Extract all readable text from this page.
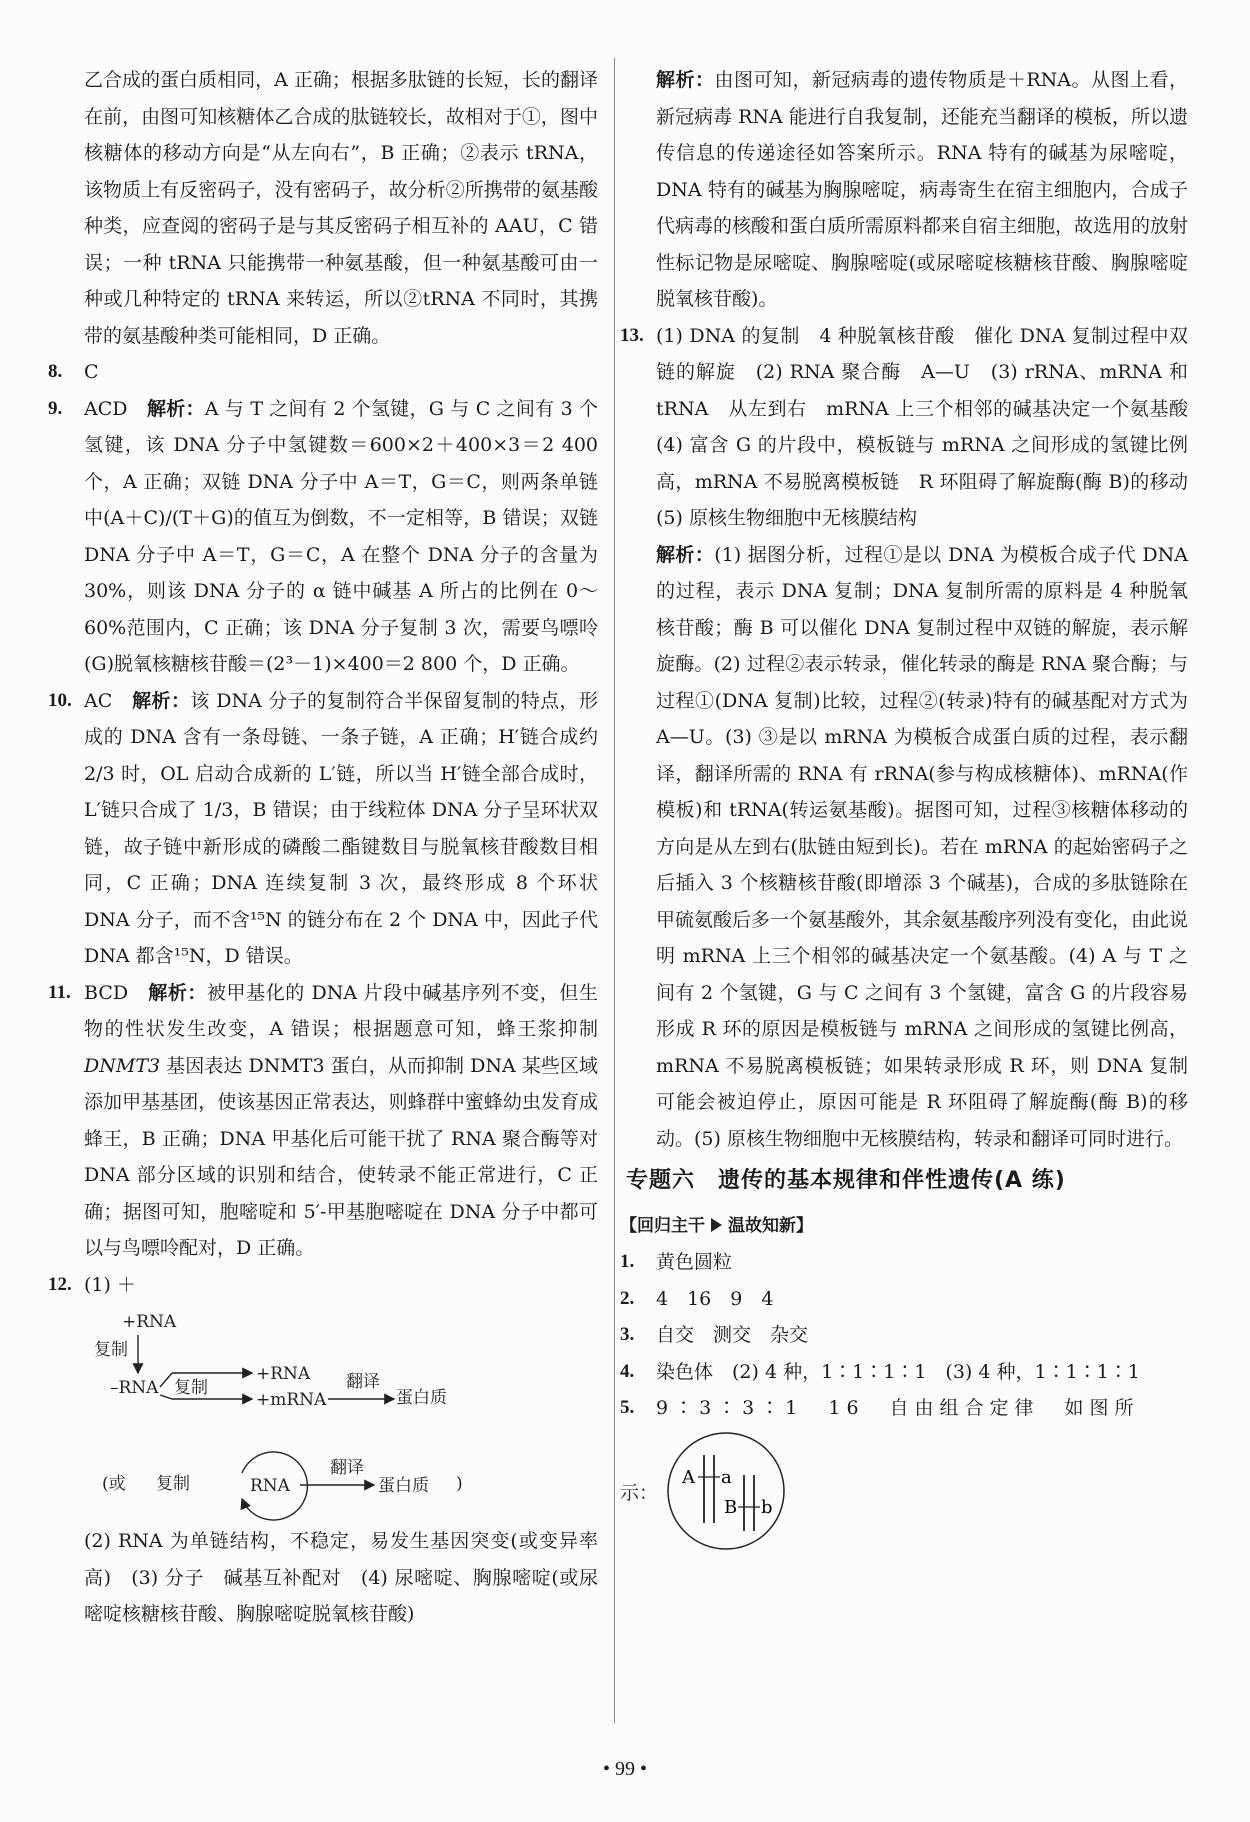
乙合成的蛋白质相同，A 正确；根据多肽链的长短，长的翻译在前，由图可知核糖体乙合成的肽链较长，故相对于①，图中核糖体的移动方向是“从左向右”，B 正确；②表示 tRNA，该物质上有反密码子，没有密码子，故分析②所携带的氨基酸种类，应查阅的密码子是与其反密码子相互补的 AAU，C 错误；一种 tRNA 只能携带一种氨基酸，但一种氨基酸可由一种或几种特定的 tRNA 来转运，所以②tRNA 不同时，其携带的氨基酸种类可能相同，D 正确。

8. C
9. ACD　 解析：A 与 T 之间有 2 个氢键，G 与 C 之间有 3 个氢键，该 DNA 分子中氢键数＝600×2＋400×3＝2 400 个，A 正确；双链 DNA 分子中 A＝T，G＝C，则两条单链中(A＋C)/(T＋G)的值互为倒数，不一定相等，B 错误；双链 DNA 分子中 A＝T，G＝C，A 在整个 DNA 分子的含量为 30%，则该 DNA 分子的 α 链中碱基 A 所占的比例在 0～60%范围内，C 正确；该 DNA 分子复制 3 次，需要鸟嘌呤(G)脱氧核糖核苷酸＝(2³－1)×400＝2 800 个，D 正确。

10. AC　 解析：该 DNA 分子的复制符合半保留复制的特点，形成的 DNA 含有一条母链、一条子链，A 正确；H′链合成约 2/3 时，OL 启动合成新的 L′链，所以当 H′链全部合成时，L′链只合成了 1/3，B 错误；由于线粒体 DNA 分子呈环状双链，故子链中新形成的磷酸二酯键数目与脱氧核苷酸数目相同，C 正确；DNA 连续复制 3 次，最终形成 8 个环状 DNA 分子，而不含¹⁵N 的链分布在 2 个 DNA 中，因此子代 DNA 都含¹⁵N，D 错误。

11. BCD　 解析：被甲基化的 DNA 片段中碱基序列不变，但生物的性状发生改变，A 错误；根据题意可知，蜂王浆抑制 DNMT3 基因表达 DNMT3 蛋白，从而抑制 DNA 某些区域添加甲基基团，使该基因正常表达，则蜂群中蜜蜂幼虫发育成蜂王，B 正确；DNA 甲基化后可能干扰了 RNA 聚合酶等对 DNA 部分区域的识别和结合，使转录不能正常进行，C 正确；据图可知，胞嘧啶和 5′-甲基胞嘧啶在 DNA 分子中都可以与鸟嘌呤配对，D 正确。

12. (1) ＋

+RNA
复制
–RNA 复制
+RNA
+mRNA
翻译
蛋白质
(或 复制	RNA
翻译
蛋白质 )

(2) RNA 为单链结构，不稳定，易发生基因突变(或变异率高)　(3) 分子　碱基互补配对　(4) 尿嘧啶、胸腺嘧啶(或尿嘧啶核糖核苷酸、胸腺嘧啶脱氧核苷酸)

解析：由图可知，新冠病毒的遗传物质是＋RNA。从图上看，新冠病毒 RNA 能进行自我复制，还能充当翻译的模板，所以遗传信息的传递途径如答案所示。RNA 特有的碱基为尿嘧啶，DNA 特有的碱基为胸腺嘧啶，病毒寄生在宿主细胞内，合成子代病毒的核酸和蛋白质所需原料都来自宿主细胞，故选用的放射性标记物是尿嘧啶、胸腺嘧啶(或尿嘧啶核糖核苷酸、胸腺嘧啶脱氧核苷酸)。

13. (1) DNA 的复制　4 种脱氧核苷酸　催化 DNA 复制过程中双链的解旋　(2) RNA 聚合酶　A—U　(3) rRNA、mRNA 和 tRNA　从左到右　mRNA 上三个相邻的碱基决定一个氨基酸　(4) 富含 G 的片段中，模板链与 mRNA 之间形成的氢键比例高，mRNA 不易脱离模板链　R 环阻碍了解旋酶(酶 B)的移动　(5) 原核生物细胞中无核膜结构

解析：(1) 据图分析，过程①是以 DNA 为模板合成子代 DNA 的过程，表示 DNA 复制；DNA 复制所需的原料是 4 种脱氧核苷酸；酶 B 可以催化 DNA 复制过程中双链的解旋，表示解旋酶。(2) 过程②表示转录，催化转录的酶是 RNA 聚合酶；与过程①(DNA 复制)比较，过程②(转录)特有的碱基配对方式为 A—U。(3) ③是以 mRNA 为模板合成蛋白质的过程，表示翻译，翻译所需的 RNA 有 rRNA(参与构成核糖体)、mRNA(作模板)和 tRNA(转运氨基酸)。据图可知，过程③核糖体移动的方向是从左到右(肽链由短到长)。若在 mRNA 的起始密码子之后插入 3 个核糖核苷酸(即增添 3 个碱基)，合成的多肽链除在甲硫氨酸后多一个氨基酸外，其余氨基酸序列没有变化，由此说明 mRNA 上三个相邻的碱基决定一个氨基酸。(4) A 与 T 之间有 2 个氢键，G 与 C 之间有 3 个氢键，富含 G 的片段容易形成 R 环的原因是模板链与 mRNA 之间形成的氢键比例高，mRNA 不易脱离模板链；如果转录形成 R 环，则 DNA 复制可能会被迫停止，原因可能是 R 环阻碍了解旋酶(酶 B)的移动。(5) 原核生物细胞中无核膜结构，转录和翻译可同时进行。

专题六　遗传的基本规律和伴性遗传(A 练)
【回归主干 温故知新】
1. 黄色圆粒
2. 4　16　9　4
3. 自交　测交　杂交
4. 染色体　(2) 4 种，1∶1∶1∶1　(3) 4 种，1∶1∶1∶1
5. 9∶3∶3∶1　16　自由组合定律　如图所
示：
A a
B b
• 99 •
